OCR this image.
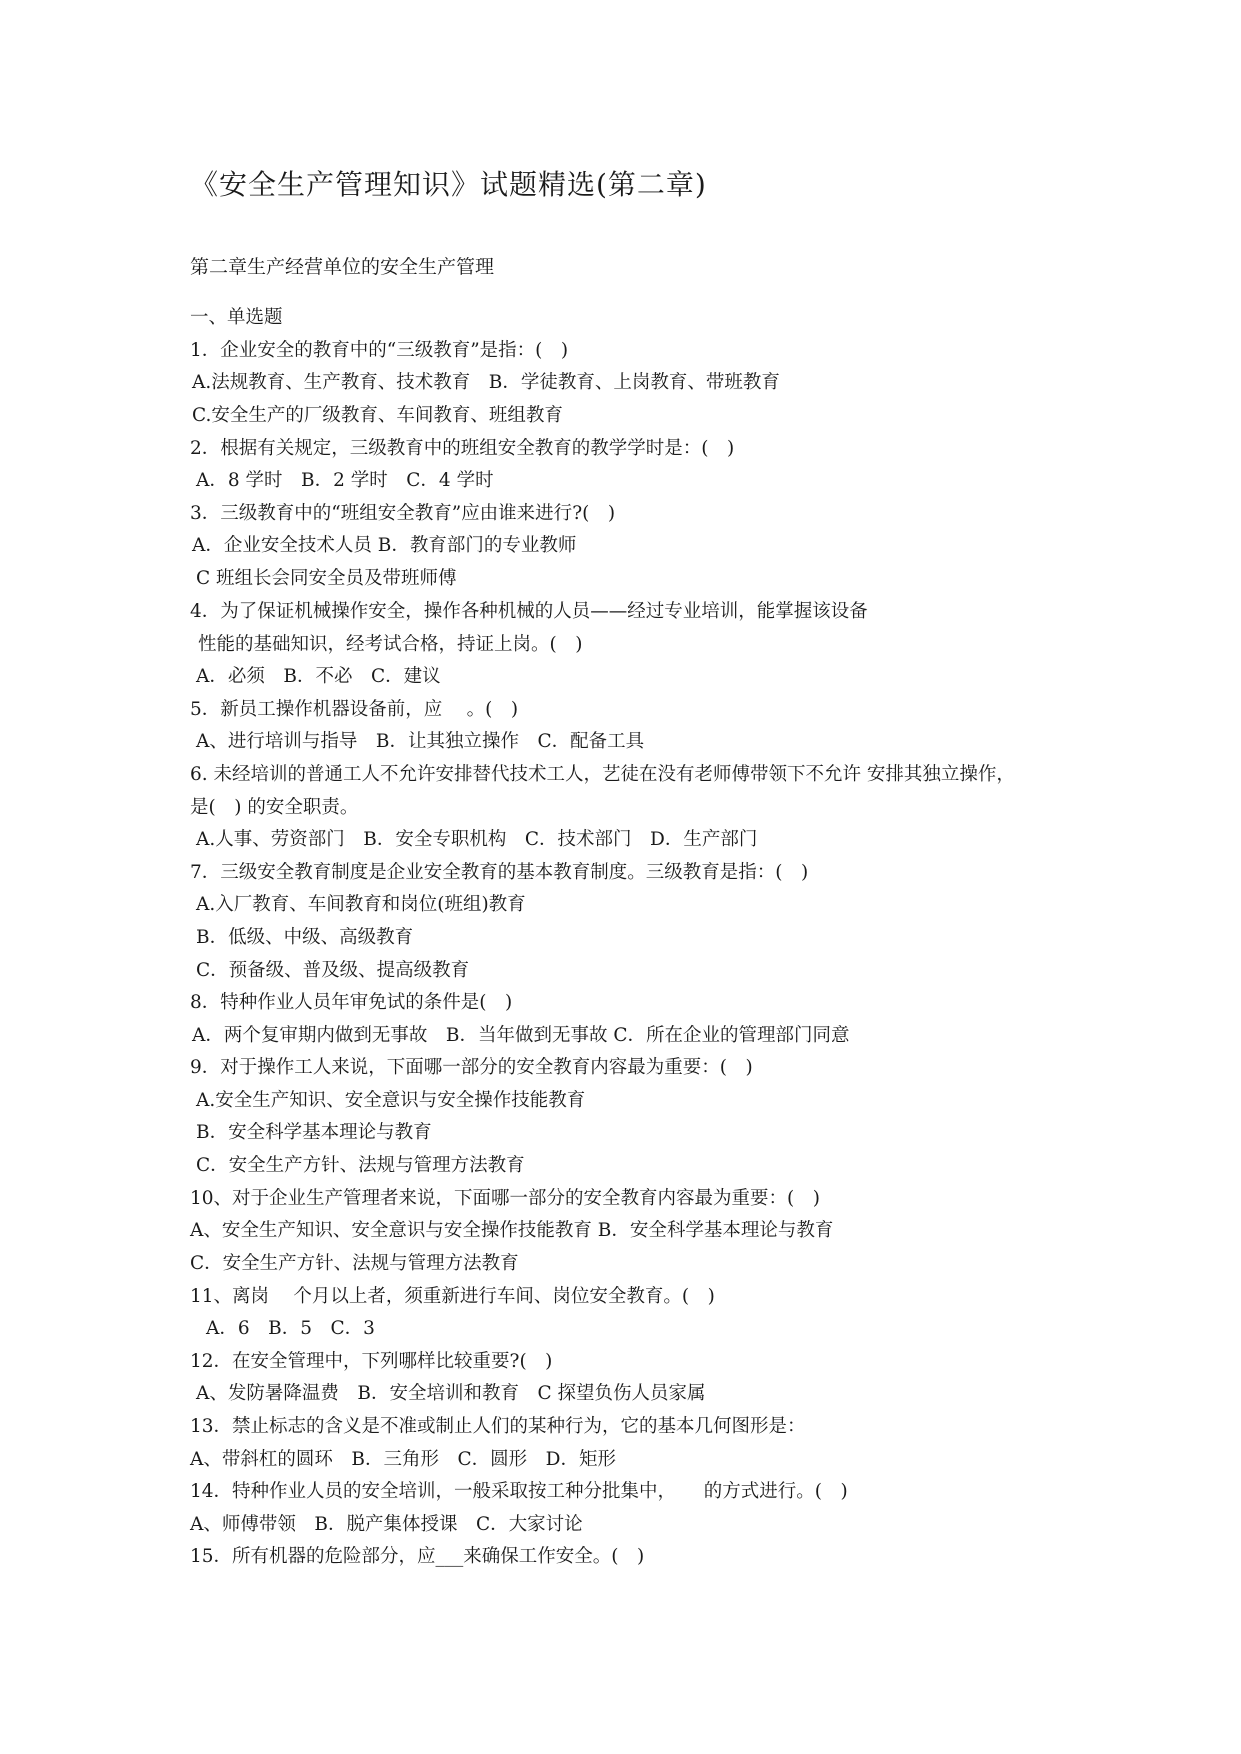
《安全生产管理知识》试题精选(第二章)
第二章生产经营单位的安全生产管理
一、单选题
1．企业安全的教育中的“三级教育”是指：(　)
A.法规教育、生产教育、技术教育　B．学徒教育、上岗教育、带班教育
C.安全生产的厂级教育、车间教育、班组教育
2．根据有关规定，三级教育中的班组安全教育的教学学时是：(　)
A．8 学时　B．2 学时　C．4 学时
3．三级教育中的“班组安全教育”应由谁来进行?(　)
A．企业安全技术人员 B．教育部门的专业教师
C 班组长会同安全员及带班师傅
4．为了保证机械操作安全，操作各种机械的人员——经过专业培训，能掌握该设备
性能的基础知识，经考试合格，持证上岗。(　)
A．必须　B．不必　C．建议
5．新员工操作机器设备前，应　 。(　)
A、进行培训与指导　B．让其独立操作　C．配备工具
6. 未经培训的普通工人不允许安排替代技术工人，艺徒在没有老师傅带领下不允许 安排其独立操作，
是(　) 的安全职责。
A.人事、劳资部门　B．安全专职机构　C．技术部门　D．生产部门
7．三级安全教育制度是企业安全教育的基本教育制度。三级教育是指：(　)
A.入厂教育、车间教育和岗位(班组)教育
B．低级、中级、高级教育
C．预备级、普及级、提高级教育
8．特种作业人员年审免试的条件是(　)
A．两个复审期内做到无事故　B．当年做到无事故 C．所在企业的管理部门同意
9．对于操作工人来说，下面哪一部分的安全教育内容最为重要：(　)
A.安全生产知识、安全意识与安全操作技能教育
B．安全科学基本理论与教育
C．安全生产方针、法规与管理方法教育
10、对于企业生产管理者来说，下面哪一部分的安全教育内容最为重要：(　)
A、安全生产知识、安全意识与安全操作技能教育 B．安全科学基本理论与教育
C．安全生产方针、法规与管理方法教育
11、离岗　 个月以上者，须重新进行车间、岗位安全教育。(　)
A．6　B．5　C．3
12．在安全管理中，下列哪样比较重要?(　)
A、发防暑降温费　B．安全培训和教育　C 探望负伤人员家属
13．禁止标志的含义是不准或制止人们的某种行为，它的基本几何图形是：
A、带斜杠的圆环　B．三角形　C．圆形　D．矩形
14．特种作业人员的安全培训，一般采取按工种分批集中，　　的方式进行。(　)
A、师傅带领　B．脱产集体授课　C．大家讨论
15．所有机器的危险部分，应___来确保工作安全。(　)
